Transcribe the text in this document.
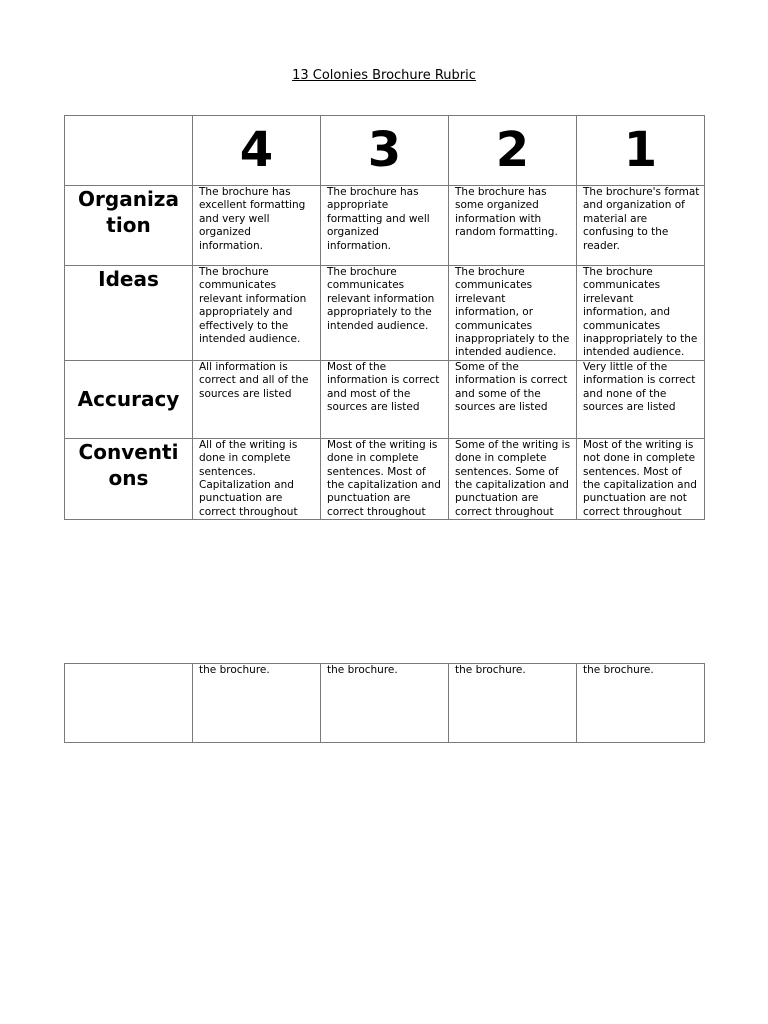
13 Colonies Brochure Rubric
	4	3	2	1
Organiza tion	The brochure has excellent formatting and very well organized information.	The brochure has appropriate formatting and well organized information.	The brochure has some organized information with random formatting.	The brochure's format and organization of material are confusing to the reader.
Ideas	The brochure communicates relevant information appropriately and effectively to the intended audience.	The brochure communicates relevant information appropriately to the intended audience.	The brochure communicates irrelevant information, or communicates inappropriately to the intended audience.	The brochure communicates irrelevant information, and communicates inappropriately to the intended audience.
Accuracy	All information is correct and all of the sources are listed	Most of the information is correct and most of the sources are listed	Some of the information is correct and some of the sources are listed	Very little of the information is correct and none of the sources are listed
Conventi ons	All of the writing is done in complete sentences. Capitalization and punctuation are correct throughout	Most of the writing is done in complete sentences. Most of the capitalization and punctuation are correct throughout	Some of the writing is done in complete sentences. Some of the capitalization and punctuation are correct throughout	Most of the writing is not done in complete sentences. Most of the capitalization and punctuation are not correct throughout
	the brochure.	the brochure.	the brochure.	the brochure.
